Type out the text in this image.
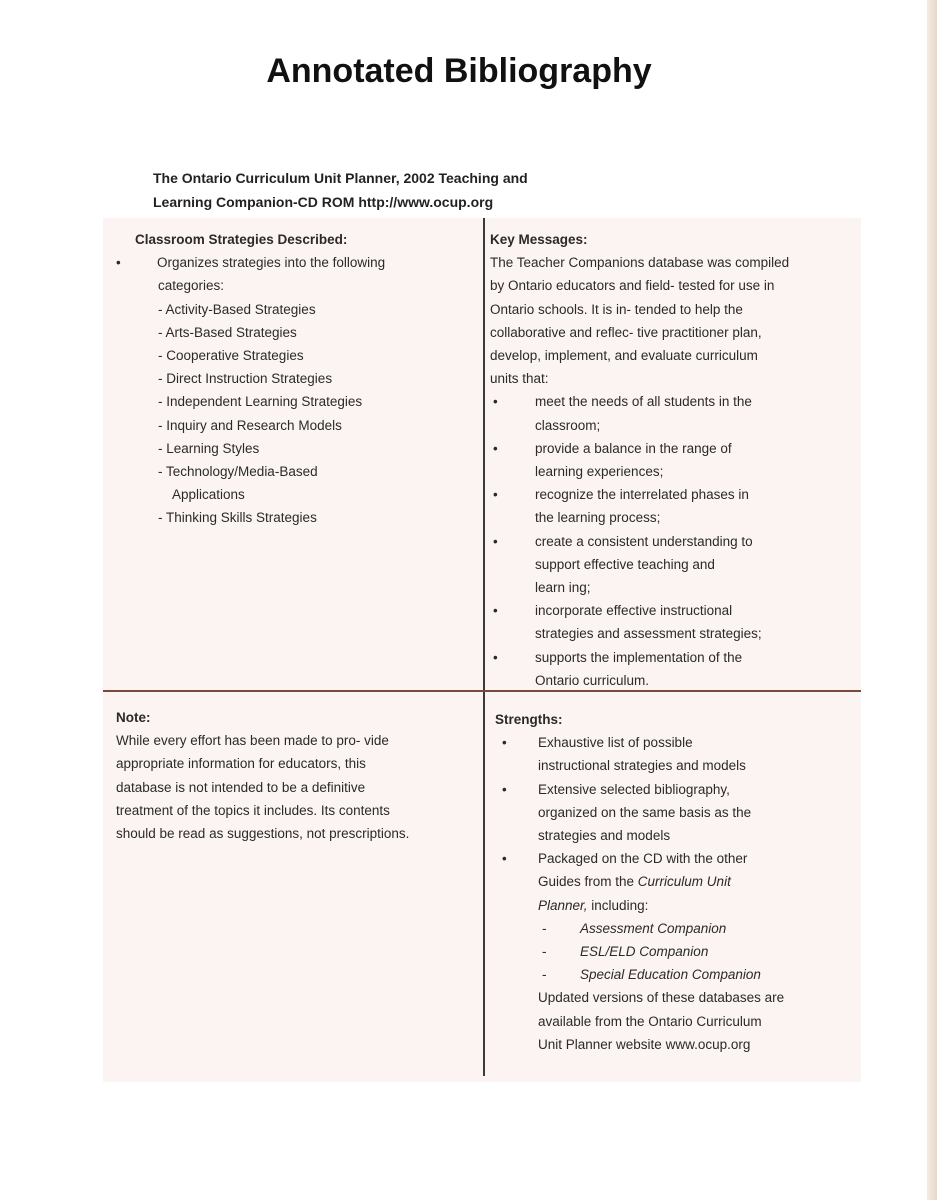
Annotated Bibliography
The Ontario Curriculum Unit Planner, 2002 Teaching and
Learning Companion-CD ROM http://www.ocup.org
Classroom Strategies Described:
•	Organizes strategies into the following
categories:
- Activity-Based Strategies
- Arts-Based Strategies
- Cooperative Strategies
- Direct Instruction Strategies
- Independent Learning Strategies
- Inquiry and Research Models
- Learning Styles
- Technology/Media-Based
Applications
- Thinking Skills Strategies
Key Messages:
The Teacher Companions database was compiled
by Ontario educators and field- tested for use in
Ontario schools. It is in- tended to help the
collaborative and reflec- tive practitioner plan,
develop, implement, and evaluate curriculum
units that:
•	meet the needs of all students in the
classroom;
•	provide a balance in the range of
learning experiences;
•	recognize the interrelated phases in
the learning process;
•	create a consistent understanding to
support effective teaching and
learn ing;
•	incorporate effective instructional
strategies and assessment strategies;
•	supports the implementation of the
Ontario curriculum.
Note:
While every effort has been made to pro- vide
appropriate information for educators, this
database is not intended to be a definitive
treatment of the topics it includes. Its contents
should be read as suggestions, not prescriptions.
Strengths:
• Exhaustive list of possible
instructional strategies and models
• Extensive selected bibliography,
organized on the same basis as the
strategies and models
• Packaged on the CD with the other
Guides from the Curriculum Unit
Planner, including:
- Assessment Companion
- ESL/ELD Companion
- Special Education Companion
Updated versions of these databases are
available from the Ontario Curriculum
Unit Planner website www.ocup.org
